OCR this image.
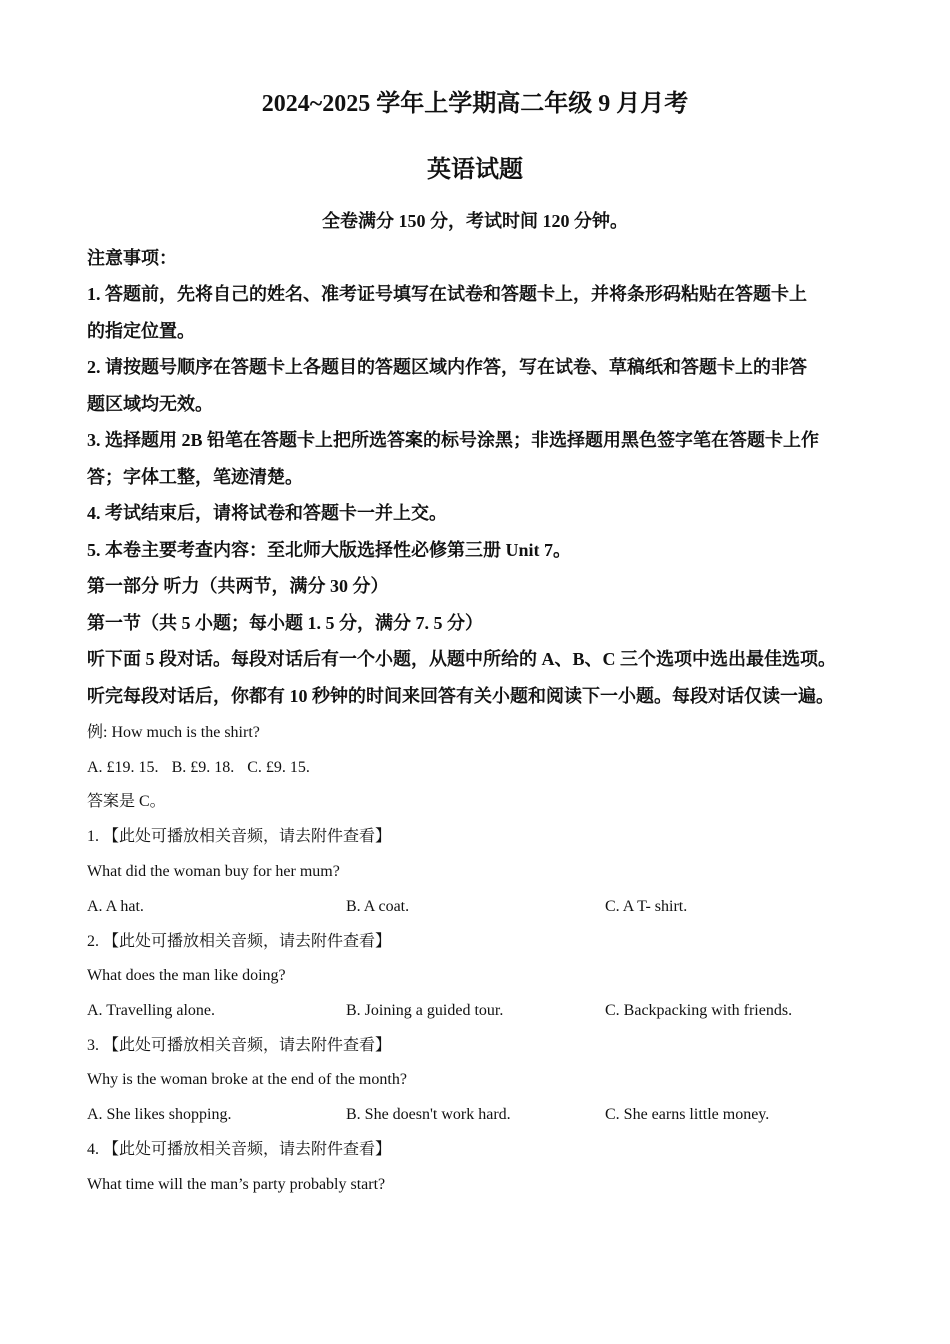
2024~2025 学年上学期高二年级 9 月月考
英语试题
全卷满分 150 分，考试时间 120 分钟。
注意事项：
1. 答题前，先将自己的姓名、准考证号填写在试卷和答题卡上，并将条形码粘贴在答题卡上
的指定位置。
2. 请按题号顺序在答题卡上各题目的答题区域内作答，写在试卷、草稿纸和答题卡上的非答
题区域均无效。
3. 选择题用 2B 铅笔在答题卡上把所选答案的标号涂黑；非选择题用黑色签字笔在答题卡上作
答；字体工整，笔迹清楚。
4. 考试结束后，请将试卷和答题卡一并上交。
5. 本卷主要考查内容：至北师大版选择性必修第三册 Unit 7。
第一部分 听力（共两节，满分 30 分）
第一节（共 5 小题；每小题 1. 5 分，满分 7. 5 分）
听下面 5 段对话。每段对话后有一个小题，从题中所给的 A、B、C 三个选项中选出最佳选项。
听完每段对话后，你都有 10 秒钟的时间来回答有关小题和阅读下一小题。每段对话仅读一遍。
例: How much is the shirt?
A. £19. 15. B. £9. 18. C. £9. 15.
答案是 C。
1. 【此处可播放相关音频，请去附件查看】
What did the woman buy for her mum?
A. A hat.	B. A coat.	C. A T- shirt.
2. 【此处可播放相关音频，请去附件查看】
What does the man like doing?
A. Travelling alone.	B. Joining a guided tour.	C. Backpacking with friends.
3. 【此处可播放相关音频，请去附件查看】
Why is the woman broke at the end of the month?
A. She likes shopping.	B. She doesn't work hard.	C. She earns little money.
4. 【此处可播放相关音频，请去附件查看】
What time will the man’s party probably start?
